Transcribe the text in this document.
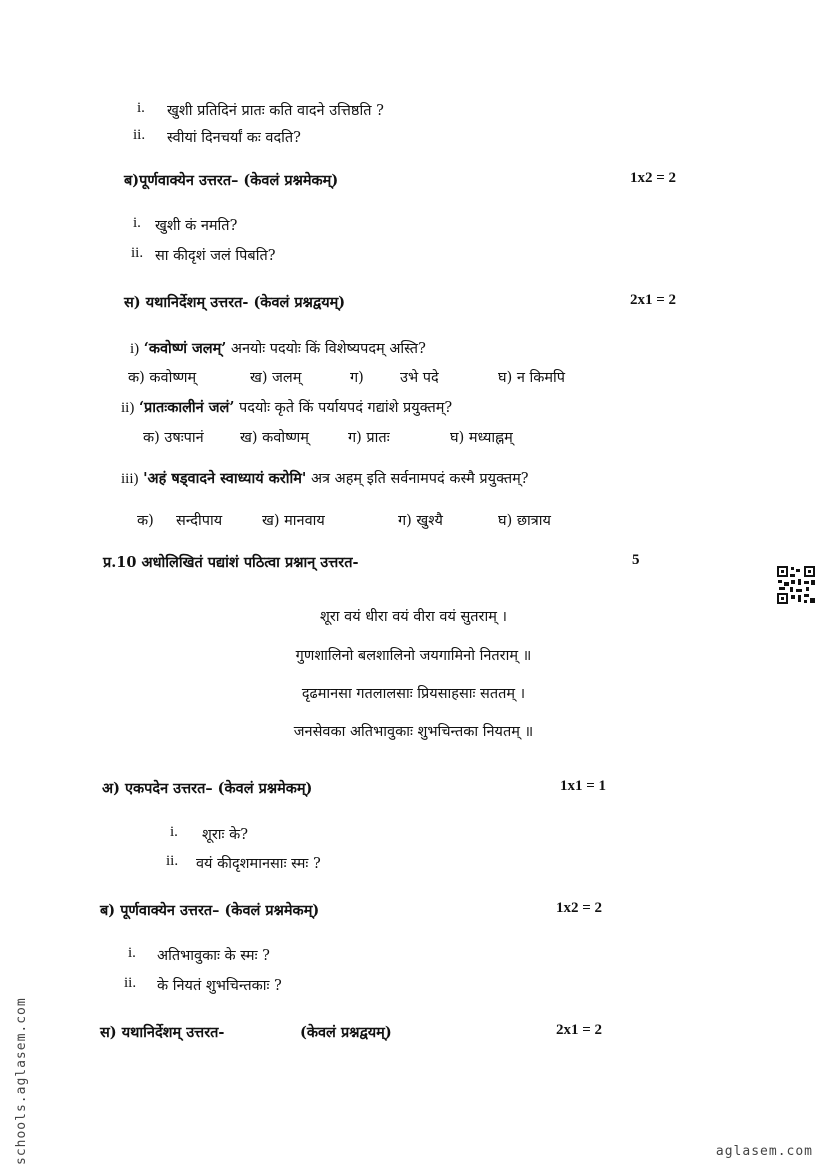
i. खुशी प्रतिदिनं प्रातः कति वादने उत्तिष्ठति ?
ii. स्वीयां दिनचर्यां कः वदति?
ब)पूर्णवाक्येन उत्तरत– (केवलं प्रश्नमेकम्)	1x2 = 2
i. खुशी कं नमति?
ii. सा कीदृशं जलं पिबति?
स) यथानिर्देशम् उत्तरत- (केवलं प्रश्नद्वयम्)	2x1 = 2
i) ‘कवोष्णं जलम्’ अनयोः पदयोः किं विशेष्यपदम् अस्ति?
क) कवोष्णम्	ख) जलम्	ग) उभे पदे	घ) न किमपि
ii) ‘प्रातःकालीनं जलं’ पदयोः कृते किं पर्यायपदं गद्यांशे प्रयुक्तम्?
क) उषःपानं	ख) कवोष्णम्	ग) प्रातः	घ) मध्याह्नम्
iii) 'अहं षड्वादने स्वाध्यायं करोमि' अत्र अहम् इति सर्वनामपदं कस्मै प्रयुक्तम्?
क) सन्दीपाय	ख) मानवाय	ग) खुश्यै	घ) छात्राय
प्र.10 अधोलिखितं पद्यांशं पठित्वा प्रश्नान् उत्तरत-	5
शूरा वयं धीरा वयं वीरा वयं सुतराम् ।
गुणशालिनो बलशालिनो जयगामिनो नितराम् ॥
दृढमानसा गतलालसाः प्रियसाहसाः सततम् ।
जनसेवका अतिभावुकाः शुभचिन्तका नियतम् ॥
अ) एकपदेन उत्तरत– (केवलं प्रश्नमेकम्)	1x1 = 1
i. शूराः के?
ii. वयं कीदृशमानसाः स्मः ?
ब) पूर्णवाक्येन उत्तरत– (केवलं प्रश्नमेकम्)	1x2 = 2
i. अतिभावुकाः के स्मः ?
ii. के नियतं शुभचिन्तकाः ?
स) यथानिर्देशम् उत्तरत-	(केवलं प्रश्नद्वयम्)	2x1 = 2
schools.aglasem.com	aglasem.com
